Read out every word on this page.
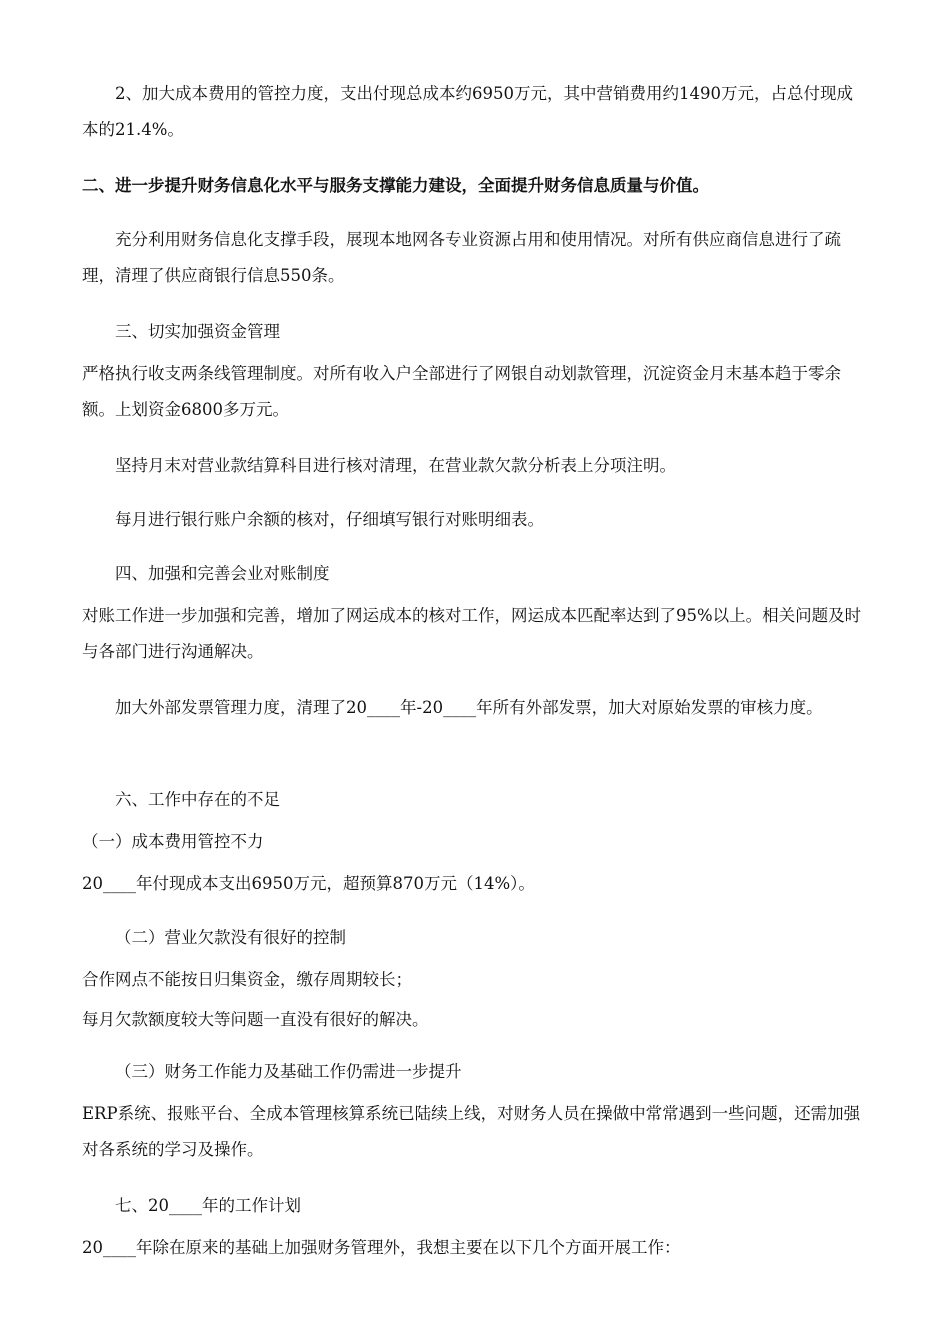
2、加大成本费用的管控力度，支出付现总成本约6950万元，其中营销费用约1490万元，占总付现成本的21.4%。

二、进一步提升财务信息化水平与服务支撑能力建设，全面提升财务信息质量与价值。

充分利用财务信息化支撑手段，展现本地网各专业资源占用和使用情况。对所有供应商信息进行了疏理，清理了供应商银行信息550条。

三、切实加强资金管理

严格执行收支两条线管理制度。对所有收入户全部进行了网银自动划款管理，沉淀资金月末基本趋于零余额。上划资金6800多万元。

坚持月末对营业款结算科目进行核对清理，在营业款欠款分析表上分项注明。

每月进行银行账户余额的核对，仔细填写银行对账明细表。

四、加强和完善会业对账制度

对账工作进一步加强和完善，增加了网运成本的核对工作，网运成本匹配率达到了95%以上。相关问题及时与各部门进行沟通解决。

加大外部发票管理力度，清理了20____年-20____年所有外部发票，加大对原始发票的审核力度。

六、工作中存在的不足

（一）成本费用管控不力

20____年付现成本支出6950万元，超预算870万元（14%）。

（二）营业欠款没有很好的控制

合作网点不能按日归集资金，缴存周期较长；

每月欠款额度较大等问题一直没有很好的解决。

（三）财务工作能力及基础工作仍需进一步提升

ERP系统、报账平台、全成本管理核算系统已陆续上线，对财务人员在操做中常常遇到一些问题，还需加强对各系统的学习及操作。

七、20____年的工作计划

20____年除在原来的基础上加强财务管理外，我想主要在以下几个方面开展工作：
